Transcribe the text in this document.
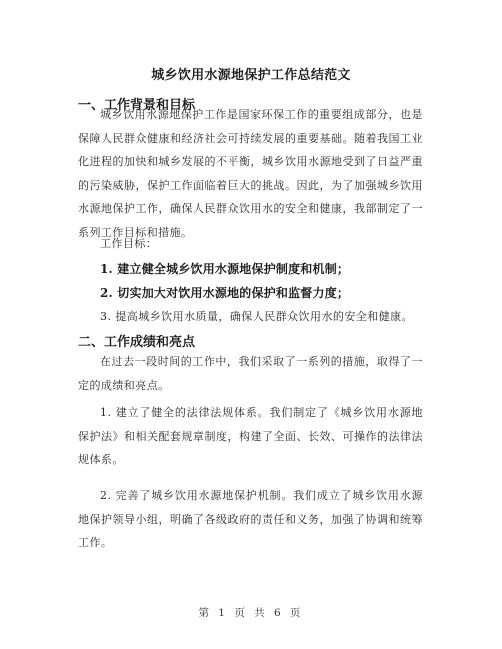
城乡饮用水源地保护工作总结范文
一、工作背景和目标
城乡饮用水源地保护工作是国家环保工作的重要组成部分，也是保障人民群众健康和经济社会可持续发展的重要基础。随着我国工业化进程的加快和城乡发展的不平衡，城乡饮用水源地受到了日益严重的污染威胁，保护工作面临着巨大的挑战。因此，为了加强城乡饮用水源地保护工作，确保人民群众饮用水的安全和健康，我部制定了一系列工作目标和措施。
工作目标：
1. 建立健全城乡饮用水源地保护制度和机制；
2. 切实加大对饮用水源地的保护和监督力度；
3. 提高城乡饮用水质量，确保人民群众饮用水的安全和健康。
二、工作成绩和亮点
在过去一段时间的工作中，我们采取了一系列的措施，取得了一定的成绩和亮点。
1. 建立了健全的法律法规体系。我们制定了《城乡饮用水源地保护法》和相关配套规章制度，构建了全面、长效、可操作的法律法规体系。
2. 完善了城乡饮用水源地保护机制。我们成立了城乡饮用水源地保护领导小组，明确了各级政府的责任和义务，加强了协调和统筹工作。
第 1 页 共 6 页
